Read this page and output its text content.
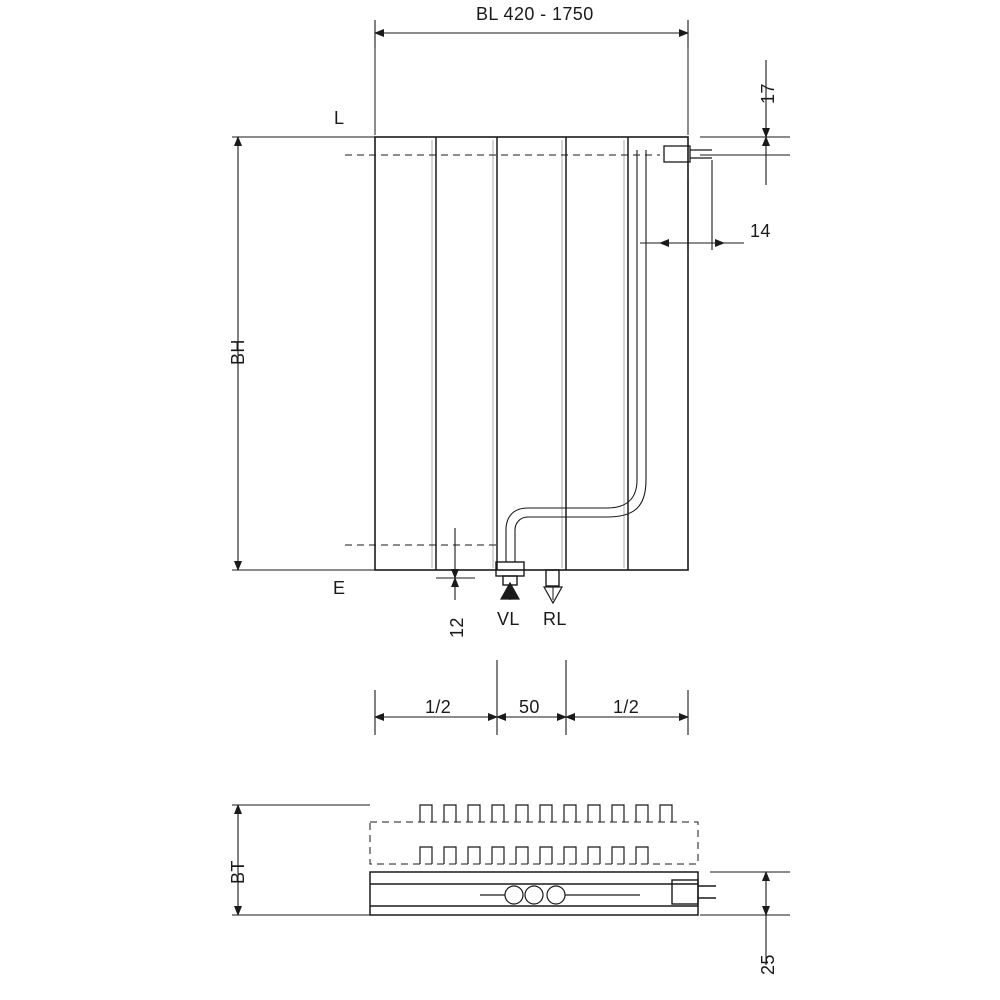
BL 420 - 1750
BH
L
E
17
14
12 VL RL
1/2	50	1/2
BT
25
